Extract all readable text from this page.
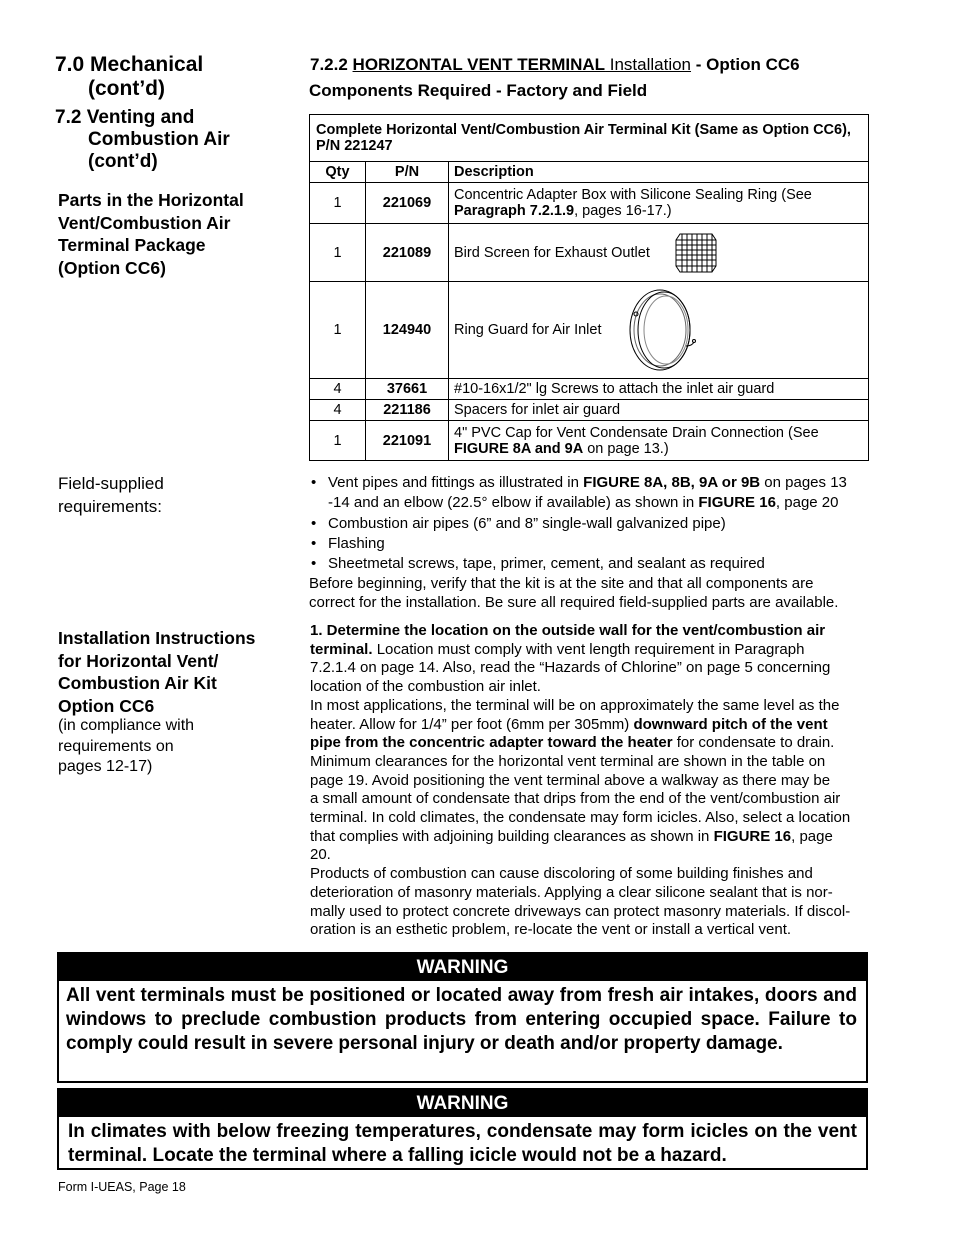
7.0 Mechanical
(cont’d)
7.2 Venting and
Combustion Air
(cont’d)
Parts in the Horizontal
Vent/Combustion Air
Terminal Package
(Option CC6)
Field-supplied
requirements:
Installation Instructions
for Horizontal Vent/
Combustion Air Kit
Option CC6
(in compliance with
requirements on
pages 12-17)
7.2.2 HORIZONTAL VENT TERMINAL Installation - Option CC6
Components Required - Factory and Field
Complete Horizontal Vent/Combustion Air Terminal Kit (Same as Option CC6), P/N 221247		
Qty	P/N	Description
1	221069	Concentric Adapter Box with Silicone Sealing Ring (See Paragraph 7.2.1.9, pages 16-17.)
1	221089	Bird Screen for Exhaust Outlet
1	124940	Ring Guard for Air Inlet
4	37661	#10-16x1/2" lg Screws to attach the inlet air guard
4	221186	Spacers for inlet air guard
1	221091	4" PVC Cap for Vent Condensate Drain Connection (See FIGURE 8A and 9A on page 13.)
• Vent pipes and fittings as illustrated in FIGURE 8A, 8B, 9A or 9B on pages 13
-14 and an elbow (22.5° elbow if available) as shown in FIGURE 16, page 20
• Combustion air pipes (6” and 8” single-wall galvanized pipe)
• Flashing
• Sheetmetal screws, tape, primer, cement, and sealant as required
Before beginning, verify that the kit is at the site and that all components are
correct for the installation. Be sure all required field-supplied parts are available.
1. Determine the location on the outside wall for the vent/combustion air
terminal. Location must comply with vent length requirement in Paragraph
7.2.1.4 on page 14. Also, read the “Hazards of Chlorine” on page 5 concerning
location of the combustion air inlet.
In most applications, the terminal will be on approximately the same level as the
heater. Allow for 1/4” per foot (6mm per 305mm) downward pitch of the vent
pipe from the concentric adapter toward the heater for condensate to drain.
Minimum clearances for the horizontal vent terminal are shown in the table on
page 19. Avoid positioning the vent terminal above a walkway as there may be
a small amount of condensate that drips from the end of the vent/combustion air
terminal. In cold climates, the condensate may form icicles. Also, select a location
that complies with adjoining building clearances as shown in FIGURE 16, page
20.
Products of combustion can cause discoloring of some building finishes and
deterioration of masonry materials. Applying a clear silicone sealant that is nor-
mally used to protect concrete driveways can protect masonry materials. If discol-
oration is an esthetic problem, re-locate the vent or install a vertical vent.
WARNING
All vent terminals must be positioned or located away from fresh air intakes, doors and windows to preclude combustion products from entering occupied space. Failure to comply could result in severe personal injury or death and/or property damage.
WARNING
In climates with below freezing temperatures, condensate may form icicles on the vent terminal. Locate the terminal where a falling icicle would not be a hazard.
Form I-UEAS, Page 18
